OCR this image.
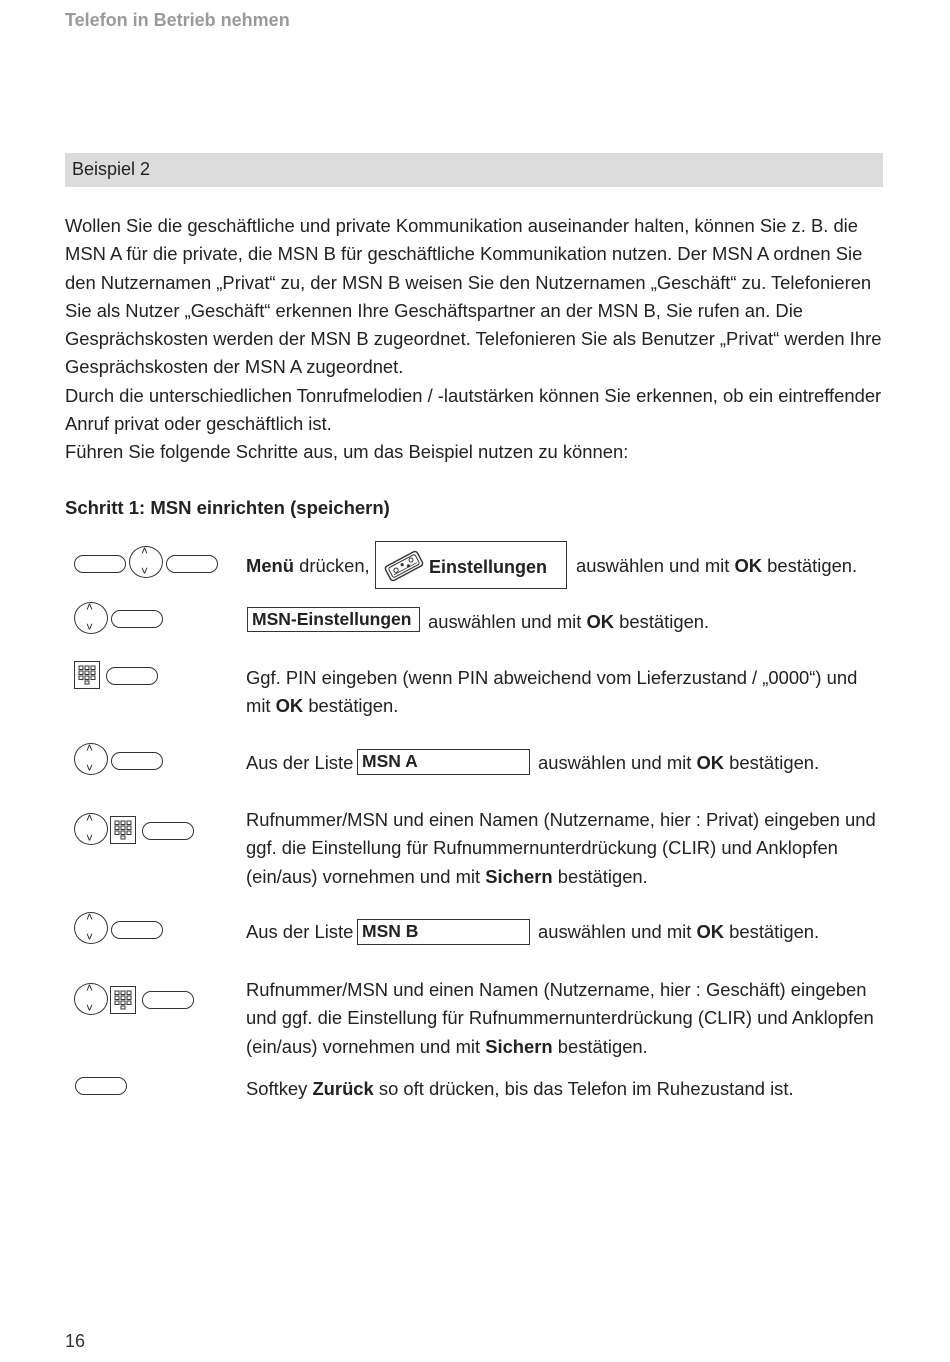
Telefon in Betrieb nehmen
Beispiel 2

Wollen Sie die geschäftliche und private Kommunikation auseinander halten, können Sie z. B. die MSN A für die private, die MSN B für geschäftliche Kommunikation nutzen. Der MSN A ordnen Sie den Nutzernamen „Privat“ zu, der MSN B weisen Sie den Nutzernamen „Geschäft“ zu. Telefonieren Sie als Nutzer „Geschäft“ erkennen Ihre Geschäftspartner an der MSN B, Sie rufen an. Die Gesprächskosten werden der MSN B zugeordnet. Telefonieren Sie als Benutzer „Privat“ werden Ihre Gesprächskosten der MSN A zugeordnet.

Durch die unterschiedlichen Tonrufmelodien / -lautstärken können Sie erkennen, ob ein eintreffender Anruf privat oder geschäftlich ist.

Führen Sie folgende Schritte aus, um das Beispiel nutzen zu können:

Schritt 1: MSN einrichten (speichern)
˄ ˅
Menü drücken,	Einstellungen auswählen und mit OK bestätigen.
˄ ˅
MSN-Einstellungen auswählen und mit OK bestätigen.
Ggf. PIN eingeben (wenn PIN abweichend vom Lieferzustand / „0000“) und mit OK bestätigen.
˄ ˅
Aus der Liste MSN A	auswählen und mit OK bestätigen.
˄ ˅
Rufnummer/MSN und einen Namen (Nutzername, hier : Privat) eingeben und ggf. die Einstellung für Rufnummernunterdrückung (CLIR) und Anklopfen (ein/aus) vornehmen und mit Sichern bestätigen.
˄ ˅
Aus der Liste MSN B	auswählen und mit OK bestätigen.
˄ ˅
Rufnummer/MSN und einen Namen (Nutzername, hier : Geschäft) eingeben und ggf. die Einstellung für Rufnummernunterdrückung (CLIR) und Anklopfen (ein/aus) vornehmen und mit Sichern bestätigen.
Softkey Zurück so oft drücken, bis das Telefon im Ruhezustand ist.
16
